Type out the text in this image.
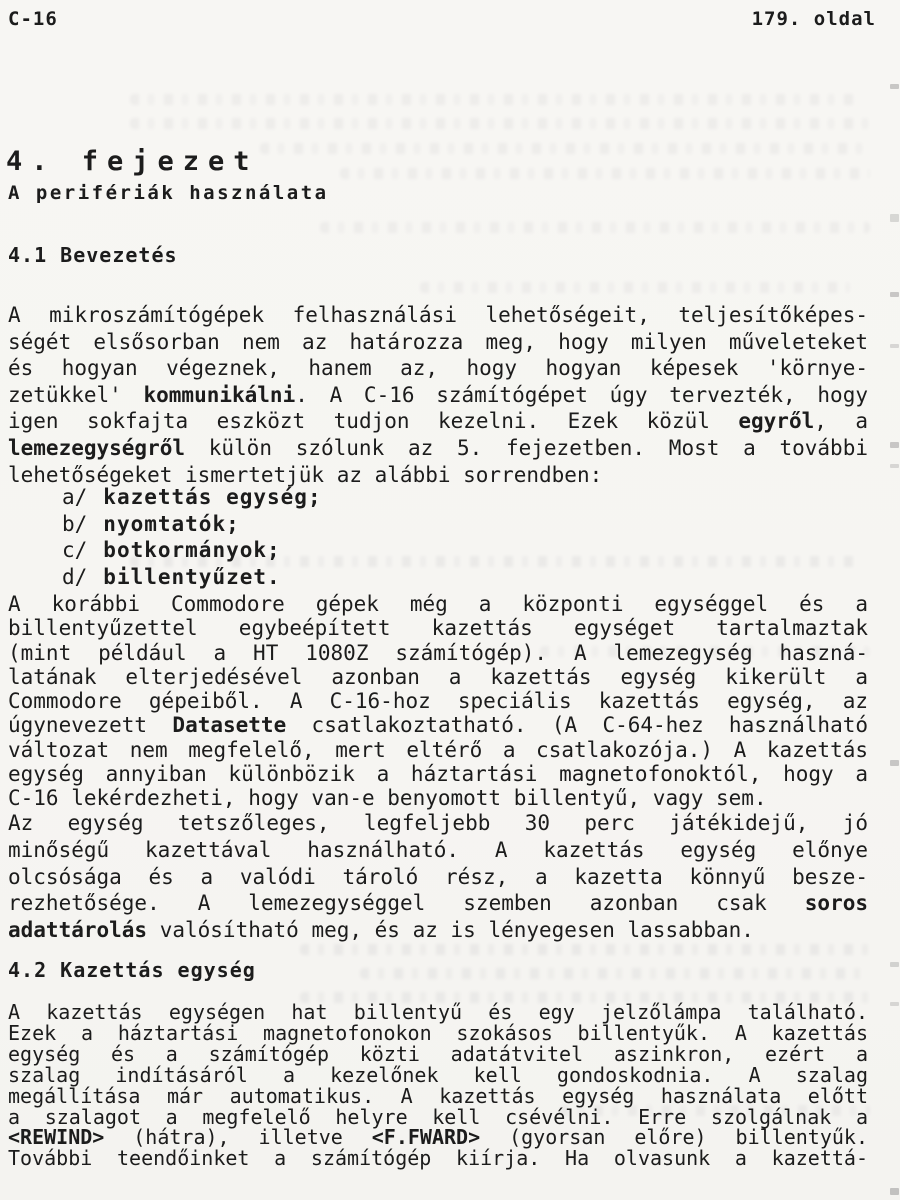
C-16	179. oldal
4. fejezet
A perifériák használata
4.1 Bevezetés
A mikroszámítógépek felhasználási lehetőségeit, teljesítőképes-
ségét elsősorban nem az határozza meg, hogy milyen műveleteket
és hogyan végeznek, hanem az, hogy hogyan képesek 'környe-
zetükkel' kommunikálni. A C-16 számítógépet úgy tervezték, hogy
igen sokfajta eszközt tudjon kezelni. Ezek közül egyről, a
lemezegységről külön szólunk az 5. fejezetben. Most a további
lehetőségeket ismertetjük az alábbi sorrendben:
a/ kazettás egység;
b/ nyomtatók;
c/ botkormányok;
d/ billentyűzet.
A korábbi Commodore gépek még a központi egységgel és a
billentyűzettel egybeépített kazettás egységet tartalmaztak
(mint például a HT 1080Z számítógép). A lemezegység haszná-
latának elterjedésével azonban a kazettás egység kikerült a
Commodore gépeiből. A C-16-hoz speciális kazettás egység, az
úgynevezett Datasette csatlakoztatható. (A C-64-hez használható
változat nem megfelelő, mert eltérő a csatlakozója.) A kazettás
egység annyiban különbözik a háztartási magnetofonoktól, hogy a
C-16 lekérdezheti, hogy van-e benyomott billentyű, vagy sem.
Az egység tetszőleges, legfeljebb 30 perc játékidejű, jó
minőségű kazettával használható. A kazettás egység előnye
olcsósága és a valódi tároló rész, a kazetta könnyű besze-
rezhetősége. A lemezegységgel szemben azonban csak soros
adattárolás valósítható meg, és az is lényegesen lassabban.
4.2 Kazettás egység
A kazettás egységen hat billentyű és egy jelzőlámpa található.
Ezek a háztartási magnetofonokon szokásos billentyűk. A kazettás
egység és a számítógép közti adatátvitel aszinkron, ezért a
szalag indításáról a kezelőnek kell gondoskodnia. A szalag
megállítása már automatikus. A kazettás egység használata előtt
a szalagot a megfelelő helyre kell csévélni. Erre szolgálnak a
<REWIND> (hátra), illetve <F.FWARD> (gyorsan előre) billentyűk.
További teendőinket a számítógép kiírja. Ha olvasunk a kazettá-
